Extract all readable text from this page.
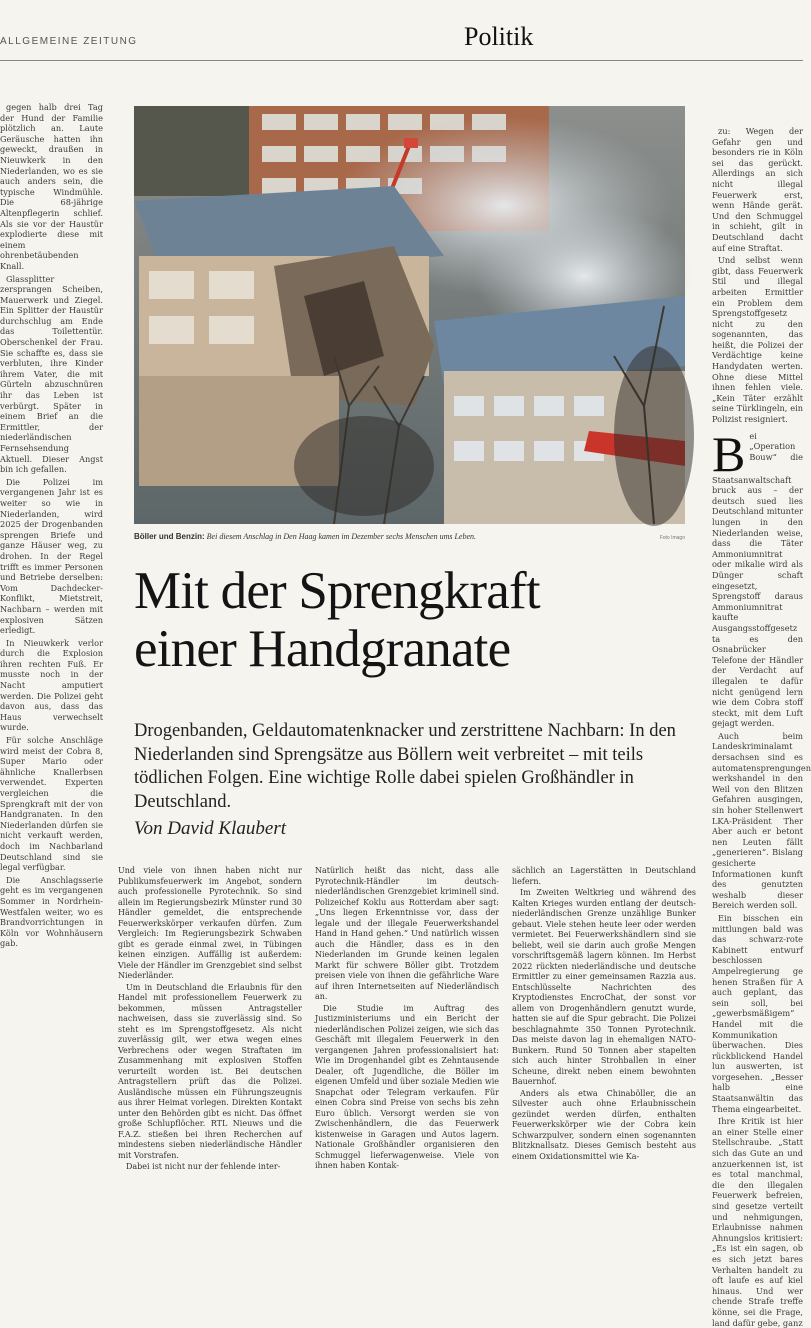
ALLGEMEINE ZEITUNG	Politik

gegen halb drei Tag der Hund der Familie plötzlich an. Laute Geräusche hatten ihn geweckt, draußen in Nieuwkerk in den Niederlanden, wo es sie auch anders sein, die typische Windmühle. Die 68-jährige Altenpflegerin schlief. Als sie vor der Haustür explodierte diese mit einem ohrenbetäubenden Knall.

Glassplitter zersprangen Scheiben, Mauerwerk und Ziegel. Ein Splitter der Haustür durchschlug am Ende das Toilettentür. Oberschenkel der Frau. Sie schaffte es, dass sie verbluten, ihre Kinder ihrem Vater, die mit Gürteln abzuschnüren ihr das Leben ist verbürgt. Später in einem Brief an die Ermittler, der niederländischen Fernsehsendung Aktuell. Dieser Angst bin ich gefallen.

Die Polizei im vergangenen Jahr ist es weiter so wie in Niederlanden, wird 2025 der Drogenbanden sprengen Briefe und ganze Häuser weg, zu drohen. In der Regel trifft es immer Personen und Betriebe derselben: Vom Dachdecker-Konflikt, Mietstreit, Nachbarn – werden mit explosiven Sätzen erledigt.

In Nieuwkerk verlor durch die Explosion ihren rechten Fuß. Er musste noch in der Nacht amputiert werden. Die Polizei geht davon aus, dass das Haus verwechselt wurde.

Für solche Anschläge wird meist der Cobra 8, Super Mario oder ähnliche Knallerbsen verwendet. Experten vergleichen die Sprengkraft mit der von Handgranaten. In den Niederlanden dürfen sie nicht verkauft werden, doch im Nachbarland Deutschland sind sie legal verfügbar.

Die Anschlagsserie geht es im vergangenen Sommer in Nordrhein-Westfalen weiter, wo es Brandvorrichtungen in Köln vor Wohnhäusern gab.

zu: Wegen der Gefahr gen und besonders rie in Köln sei das gerückt. Allerdings an sich nicht illegal Feuerwerk erst, wenn Hände gerät. Und den Schmuggel in schieht, gilt in Deutschland dacht auf eine Straftat.

Und selbst wenn gibt, dass Feuerwerk Stil und illegal arbeiten Ermittler ein Problem dem Sprengstoffgesetz nicht zu den sogenannten, das heißt, die Polizei der Verdächtige keine Handydaten werten. Ohne diese Mittel ihnen fehlen viele. „Kein Täter erzählt seine Türklingeln, ein Polizist resigniert.

Bei „Operation Bouw“ die Staatsanwaltschaft bruck aus – der deutsch sued lies Deutschland mitunter lungen in den Niederlanden weise, dass die Täter Ammoniumnitrat oder mikalie wird als Dünger schaft eingesetzt, Sprengstoff daraus Ammoniumnitrat kaufte Ausgangsstoffgesetz ta es den Osnabrücker Telefone der Händler der Verdacht auf illegalen te dafür nicht genügend lern wie dem Cobra stoff steckt, mit dem Luft gejagt werden.

Auch beim Landeskriminalamt dersachsen sind es automatensprengungen werkshandel in den Weil von den Blitzen Gefahren ausgingen, sin hoher Stellenwert LKA-Präsident Ther Aber auch er betont nen Leuten fällt „generieren“. Bislang gesicherte Informationen kunft des genutzten weshalb dieser Bereich werden soll.

Ein bisschen ein mittlungen bald was das schwarz-rote Kabinett entwurf beschlossen Ampelregierung ge henen Straßen für A auch geplant, das sein soll, bei „gewerbsmäßigem“ Handel mit die Kommunikation überwachen. Dies rückblickend Handel lun auswerten, ist vorgesehen. „Besser halb eine Staatsanwältin das Thema eingearbeitet.

Ihre Kritik ist hier an einer Stelle einer Stellschraube. „Statt sich das Gute an und anzuerkennen ist, ist es total manchmal, die den illegalen Feuerwerk befreien, sind gesetze verteilt und nehmigungen, Erlaubnisse nahmen Ahnungslos kritisiert: „Es ist ein sagen, ob es sich jetzt bares Verhalten handelt zu oft laufe es auf kiel hinaus. Und wer chende Strafe treffe könne, sei die Frage, land dafür gebe, ganz

Böller und Benzin: Bei diesem Anschlag in Den Haag kamen im Dezember sechs Menschen ums Leben.	Foto Imago
Mit der Sprengkraft
einer Handgranate
Drogenbanden, Geldautomatenknacker und zerstrittene Nachbarn: In den Niederlanden sind Sprengsätze aus Böllern weit verbreitet – mit teils tödlichen Folgen. Eine wichtige Rolle dabei spielen Großhändler in Deutschland.
Von David Klaubert

Und viele von ihnen haben nicht nur Publikumsfeuerwerk im Angebot, sondern auch professionelle Pyrotechnik. So sind allein im Regierungsbezirk Münster rund 30 Händler gemeldet, die entsprechende Feuerwerkskörper verkaufen dürfen. Zum Vergleich: Im Regierungsbezirk Schwaben gibt es gerade einmal zwei, in Tübingen keinen einzigen. Auffällig ist außerdem: Viele der Händler im Grenzgebiet sind selbst Niederländer.

Um in Deutschland die Erlaubnis für den Handel mit professionellem Feuerwerk zu bekommen, müssen Antragsteller nachweisen, dass sie zuverlässig sind. So steht es im Sprengstoffgesetz. Als nicht zuverlässig gilt, wer etwa wegen eines Verbrechens oder wegen Straftaten im Zusammenhang mit explosiven Stoffen verurteilt worden ist. Bei deutschen Antragstellern prüft das die Polizei. Ausländische müssen ein Führungszeugnis aus ihrer Heimat vorlegen. Direkten Kontakt unter den Behörden gibt es nicht. Das öffnet große Schlupflöcher. RTL Nieuws und die F.A.Z. stießen bei ihren Recherchen auf mindestens sieben niederländische Händler mit Vorstrafen.

Dabei ist nicht nur der fehlende inter-

Natürlich heißt das nicht, dass alle Pyrotechnik-Händler im deutsch-niederländischen Grenzgebiet kriminell sind. Polizeichef Koklu aus Rotterdam aber sagt: „Uns liegen Erkenntnisse vor, dass der legale und der illegale Feuerwerkshandel Hand in Hand gehen.“ Und natürlich wissen auch die Händler, dass es in den Niederlanden im Grunde keinen legalen Markt für schwere Böller gibt. Trotzdem preisen viele von ihnen die gefährliche Ware auf ihren Internetseiten auf Niederländisch an.

Die Studie im Auftrag des Justizministeriums und ein Bericht der niederländischen Polizei zeigen, wie sich das Geschäft mit illegalem Feuerwerk in den vergangenen Jahren professionalisiert hat: Wie im Drogenhandel gibt es Zehntausende Dealer, oft Jugendliche, die Böller im eigenen Umfeld und über soziale Medien wie Snapchat oder Telegram verkaufen. Für einen Cobra sind Preise von sechs bis zehn Euro üblich. Versorgt werden sie von Zwischenhändlern, die das Feuerwerk kistenweise in Garagen und Autos lagern. Nationale Großhändler organisieren den Schmuggel lieferwagenweise. Viele von ihnen haben Kontak-

sächlich an Lagerstätten in Deutschland liefern.

Im Zweiten Weltkrieg und während des Kalten Krieges wurden entlang der deutsch-niederländischen Grenze unzählige Bunker gebaut. Viele stehen heute leer oder werden vermietet. Bei Feuerwerkshändlern sind sie beliebt, weil sie darin auch große Mengen vorschriftsgemäß lagern können. Im Herbst 2022 rückten niederländische und deutsche Ermittler zu einer gemeinsamen Razzia aus. Entschlüsselte Nachrichten des Kryptodienstes EncroChat, der sonst vor allem von Drogenhändlern genutzt wurde, hatten sie auf die Spur gebracht. Die Polizei beschlagnahmte 350 Tonnen Pyrotechnik. Das meiste davon lag in ehemaligen NATO-Bunkern. Rund 50 Tonnen aber stapelten sich auch hinter Strohballen in einer Scheune, direkt neben einem bewohnten Bauernhof.

Anders als etwa Chinaböller, die an Silvester auch ohne Erlaubnisschein gezündet werden dürfen, enthalten Feuerwerkskörper wie der Cobra kein Schwarzpulver, sondern einen sogenannten Blitzknallsatz. Dieses Gemisch besteht aus einem Oxidationsmittel wie Ka-
